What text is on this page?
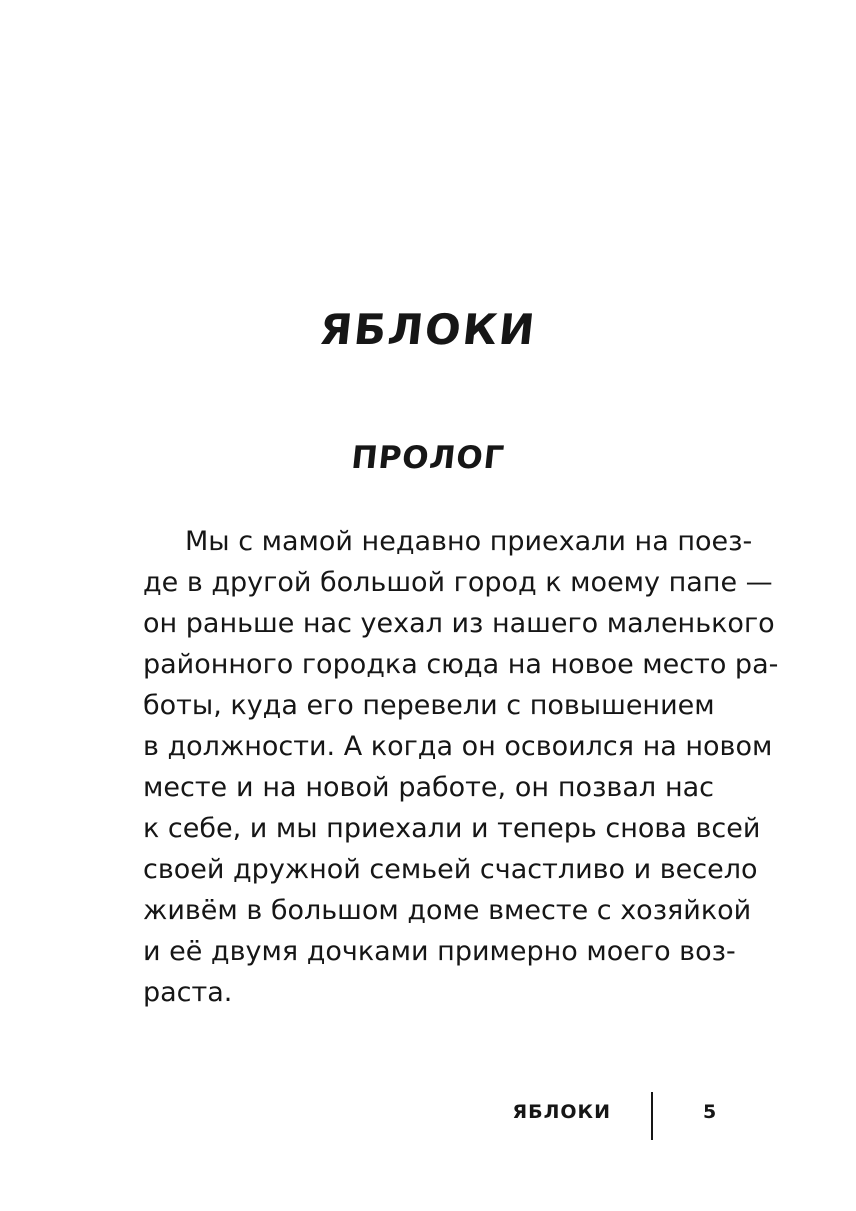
ЯБЛОКИ
ПРОЛОГ
Мы с мамой недавно приехали на поез-
де в другой большой город к моему папе —
он раньше нас уехал из нашего маленького
районного городка сюда на новое место ра-
боты, куда его перевели с повышением
в должности. А когда он освоился на новом
месте и на новой работе, он позвал нас
к себе, и мы приехали и теперь снова всей
своей дружной семьей счастливо и весело
живём в большом доме вместе с хозяйкой
и её двумя дочками примерно моего воз-
раста.
ЯБЛОКИ	5
